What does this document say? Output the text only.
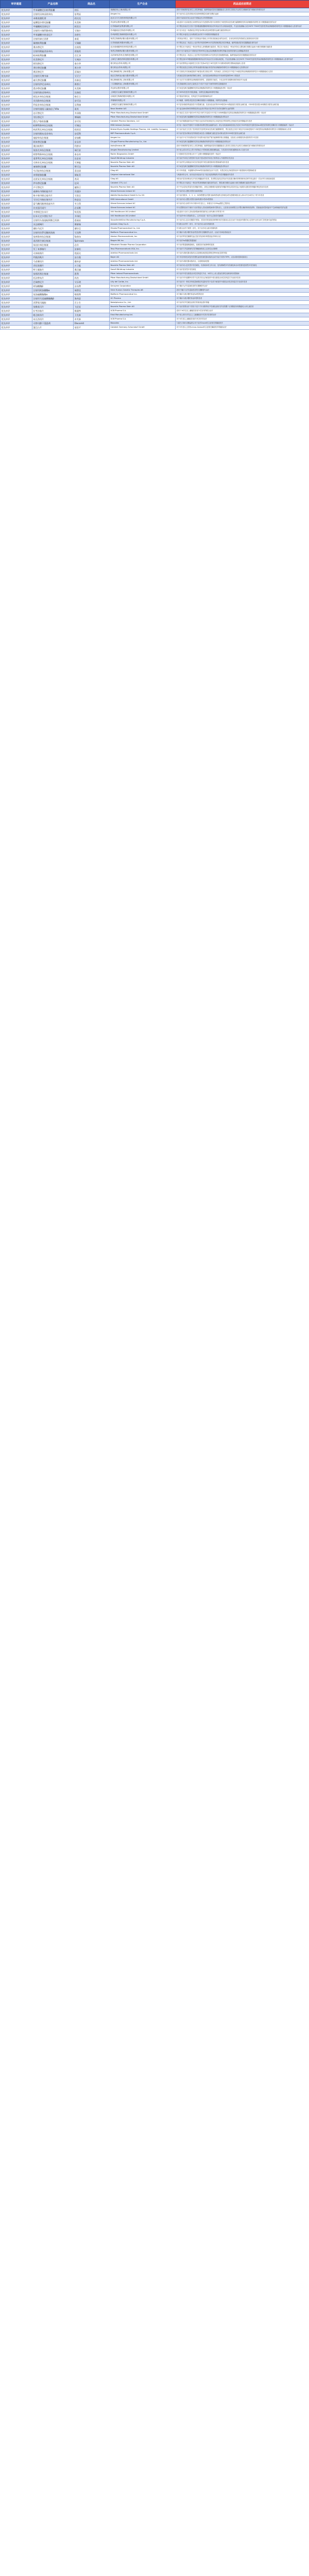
审评通道	产品名称	商品名	生产企业	药品适应症简述
优先审评	甲苯磺酸尼拉帕利胶囊	则乐	再鼎医药(上海)有限公司	适用于铂敏感的复发性上皮性卵巢癌、输卵管癌或原发性腹膜癌成人患者在含铂化疗达到完全缓解或部分缓解后的维持治疗
优先审评	注射用贝林妥欧单抗	倍利妥	Amgen Inc.	用于治疗成人复发或难治性前体B细胞急性淋巴细胞白血病
优先审评	本维莫德乳膏	欣比克	北京文丰天济医药科技有限公司	适用于局部治疗成人轻至中度稳定性寻常型银屑病
优先审评	盐酸恩沙替尼胶囊	贝美纳	贝达药业股份有限公司	本品适用于此前接受过克唑替尼治疗后进展的或者对克唑替尼不耐受的间变性淋巴瘤激酶阳性的局部晚期或转移性非小细胞肺癌患者的治疗
优先审评	甲磺酸阿美替尼片	阿美乐	江苏豪森药业集团有限公司	用于既往经表皮生长因子受体酪氨酸激酶抑制剂治疗时或治疗后出现疾病进展，并且经检测确认存在EGFR T790M突变阳性的局部晚期或转移性非小细胞肺癌成人患者的治疗
优先审评	注射用卡瑞利珠单抗	艾瑞卡	苏州盛迪亚生物医药有限公司	用于至少经过二线系统化疗的复发或难治性经典型霍奇金淋巴瘤患者的治疗
优先审评	甲苯磺酸多纳非尼片	泽普生	苏州泽璟生物制药股份有限公司	用于既往未接受过全身系统性治疗的不可切除肝细胞癌患者
优先审评	注射用泰它西普	泰爱	荣昌生物制药(烟台)股份有限公司	与常规治疗联合，适用于在常规治疗基础上仍具有高疾病活动的活动性、自身抗体阳性的系统性红斑狼疮成年患者
优先审评	氟唑帕利胶囊	艾瑞颐	江苏恒瑞医药股份有限公司	用于既往经过二线及以上化疗的伴有胚系BRCA突变的铂敏感复发性卵巢癌、输卵管癌或原发性腹膜癌患者的治疗
优先审评	奥布替尼片	宜诺凯	北京诺诚健华医药科技有限公司	用于既往至少接受过一种治疗的成人套细胞淋巴瘤患者，既往至少接受过一种治疗的成人慢性淋巴细胞白血病/小淋巴细胞淋巴瘤患者
优先审评	注射用维迪西妥单抗	爱地希	荣昌生物制药(烟台)股份有限公司	适用于至少接受过2个系统化疗的HER2过表达局部晚期或转移性胃癌(包括胃食管结合部腺癌)的患者
优先审评	帕米帕利胶囊	百汇泽	百济神州(苏州)生物科技有限公司	用于既往经过二线及以上化疗的伴有胚系BRCA突变的复发性晚期卵巢癌、输卵管癌或原发性腹膜癌患者的治疗
优先审评	伏美替尼片	艾弗沙	上海艾力斯医药科技股份有限公司	用于既往经EGFR酪氨酸激酶抑制剂治疗时或治疗后出现疾病进展，并且经检测确认存在EGFR T790M突变阳性的局部晚期或转移性非小细胞肺癌成人患者的治疗
优先审评	阿伐替尼片	泰吉华	基石药业(苏州)有限公司	用于治疗携带血小板源性生长因子受体α外显子18突变的不可切除或转移性胃肠间质瘤成人患者
优先审评	普拉替尼胶囊	普吉华	基石药业(苏州)有限公司	用于既往接受过含铂化疗的转染重排基因融合阳性的局部晚期或转移性非小细胞肺癌成人患者的治疗
优先审评	赛沃替尼片	沃瑞沙	和记黄埔医药(上海)有限公司	用于含铂化疗后疾病进展或不耐受标准含铂化疗的、具有间质-上皮转化因子外显子14跳变的局部晚期或转移性非小细胞肺癌成人患者
优先审评	注射用艾博韦泰	艾可宁	前沿生物药业(南京)股份有限公司	与其他抗逆转录病毒药物联合使用，治疗经抗病毒药物治疗仍有病毒复制的HIV-1感染者
优先审评	索凡替尼胶囊	苏泰达	和记黄埔医药(上海)有限公司	用于无法手术切除的局部晚期或转移性、进展期非功能性、分化良好的非胰腺来源的神经内分泌瘤
优先审评	注射用伊尼妥单抗	赛普汀	三生国健药业(上海)股份有限公司	与长春瑞滨联合治疗已接受过1个或多个化疗方案的转移性乳腺癌患者
优先审评	恩沙替尼胶囊	贝美纳	贝达药业股份有限公司	用于间变性淋巴瘤激酶阳性的局部晚期或转移性非小细胞肺癌患者的一线治疗
优先审评	注射用曲妥珠单抗	汉曲优	上海复宏汉霖生物制药有限公司	用于HER2阳性的早期乳腺癌、转移性乳腺癌和转移性胃癌
优先审评	阿达木单抗注射液	格乐立	百奥泰生物制药股份有限公司	用于强直性脊柱炎、类风湿关节炎和银屑病的治疗
优先审评	贝伐珠单抗注射液	安可达	齐鲁制药有限公司	用于晚期、转移性或复发性非鳞状细胞非小细胞肺癌，转移性结直肠癌
优先审评	利妥昔单抗注射液	汉利康	上海复宏汉霖生物制药有限公司	用于复发或耐药的滤泡性中央型淋巴瘤、先前未经治疗的CD20阳性III-IV期滤泡性非霍奇金淋巴瘤、CD20阳性弥漫大B细胞性非霍奇金淋巴瘤
优先审评	注射用重组人凝血因子VIIa	诺其	Novo Nordisk A/S	用于血友病A或B伴抑制物患者出血发作的治疗及外科手术或有创操作出血的预防
优先审评	达可替尼片	多泽润	Pfizer Manufacturing Deutschland GmbH	用于表皮生长因子受体19号外显子缺失突变或21号外显子L858R置换突变的局部晚期或转移性非小细胞肺癌患者的一线治疗
优先审评	劳拉替尼片	博瑞纳	Pfizer Manufacturing Deutschland GmbH	用于间变性淋巴瘤激酶阳性的局部晚期或转移性非小细胞肺癌患者的治疗
优先审评	恩扎卢胺软胶囊	安可坦	Catalent Pharma Solutions, LLC	用于治疗雄激素剥夺治疗失败后无症状或有轻微症状且未接受化疗的转移性去势抵抗性前列腺癌成年患者
优先审评	帕博利珠单抗注射液	可瑞达	MSD Ireland (Carlow)	用于经一线治疗失败的不可切除或转移性黑色素瘤的治疗；联合培美曲塞和铂类化疗适用于EGFR基因突变阴性和ALK阴性的转移性非鳞状非小细胞肺癌的一线治疗
优先审评	纳武利尤单抗注射液	欧狄沃	Bristol-Myers Squibb Holdings Pharma, Ltd. Liability Company	用于治疗表皮生长因子受体基因突变阴性和间变性淋巴瘤激酶阴性、既往接受过含铂方案化疗后疾病进展或不可耐受的局部晚期或转移性非小细胞肺癌成人患者
优先审评	注射用维布妥昔单抗	安适利	BSP Pharmaceuticals S.p.A.	用于治疗复发或难治性的系统性间变性大细胞淋巴瘤及复发或难治性的CD30阳性霍奇金淋巴瘤
优先审评	地舒单抗注射液	安加维	Amgen Inc.	用于治疗不可手术切除或者手术切除可能导致严重功能障碍的骨巨细胞瘤，包括成人和骨骼发育成熟的青少年患者
优先审评	阿来替尼胶囊	安圣莎	Chugai Pharma Manufacturing Co., Ltd.	用于间变性淋巴瘤激酶阳性的局部晚期或转移性的非小细胞肺癌患者的治疗
优先审评	奥拉帕利片	利普卓	AstraZeneca AB	适用于铂敏感的复发性上皮性卵巢癌、输卵管癌或原发性腹膜癌成人患者在含铂化疗达到完全缓解或部分缓解后的维持治疗
优先审评	依洛尤单抗注射液	瑞百安	Amgen Manufacturing Limited	用于成人或12岁以上青少年的纯合子型家族性高胆固醇血症，与饮食疗法和其他降低LDL-C治疗合用
优先审评	阿替利珠单抗注射液	泰圣奇	Roche Diagnostics GmbH	与卡铂和依托泊苷联合用于广泛期小细胞肺癌患者的一线治疗
优先审评	度普利尤单抗注射液	达必妥	Sanofi Winthrop Industrie	用于治疗外用处方药控制不佳或不建议使用外用处方药的成人中重度特应性皮炎
优先审评	司库奇尤单抗注射液	可善挺	Novartis Pharma Stein AG	用于治疗符合系统治疗或光疗指征的中度至重度斑块状银屑病的成年患者
优先审评	塞瑞替尼胶囊	赞可达	Novartis Pharma Stein AG	用于间变性淋巴瘤激酶阳性的局部晚期或转移性非小细胞肺癌患者的治疗
优先审评	乌司奴单抗注射液	喜达诺	Cilag AG	用于对环孢素、甲氨蝶呤或PUVA等其他系统性治疗不应答、有禁忌或无法耐受的成年中重度斑块状银屑病患者
优先审评	来那度胺胶囊	瑞复美	Celgene International Sàrl	与地塞米松合用，治疗此前未经治疗且不适合接受移植的多发性骨髓瘤成年患者
优先审评	达雷妥尤单抗注射液	兆珂	Cilag AG	单药治疗复发和难治性多发性骨髓瘤成年患者，患者既往接受过的治疗包括蛋白酶体抑制剂和免疫调节剂且最后一次治疗时出现疾病进展
优先审评	伊布替尼胶囊	亿珂	Catalent CTS, LLC	用于既往至少接受过一种治疗的套细胞淋巴瘤患者的治疗，慢性淋巴细胞白血病/小淋巴细胞淋巴瘤患者的治疗
优先审评	芦可替尼片	捷恪卫	Novartis Pharma Stein AG	用于中危或高危的原发性骨髓纤维化、真性红细胞增多症继发的骨髓纤维化或原发性血小板增多症继发的骨髓纤维化的成年患者
优先审评	索磷布韦维帕他韦片	丙通沙	Gilead Sciences Ireland UC	用于治疗成人慢性丙型肝炎病毒感染
优先审评	格卡瑞韦哌仑他韦片	艾诺全	AbbVie Deutschland GmbH & Co. KG	用于治疗基因1、2、3、4、5或6型慢性丙型肝炎病毒感染的无肝硬化或代偿期肝硬化成人和12岁至18岁以下青少年患者
优先审评	艾尔巴韦格拉瑞韦片	择必达	MSD International GmbH	用于治疗成人慢性丙型肝炎病毒基因1型或4型感染
优先审评	富马酸丙酚替诺福韦片	韦立得	Gilead Sciences Ireland UC	用于治疗成人和青少年(年龄12岁及以上，体重至少为35kg)慢性乙型肝炎
优先审评	比克恩丙诺片	必妥维	Gilead Sciences Ireland UC	作为完整的治疗方案用于治疗感染人类免疫缺陷病毒1型的成人，且患者目前和既往无对整合酶抑制剂类药物、恩曲他滨或替诺福韦产生病毒耐药性的证据
优先审评	多替阿巴拉米片	绥美凯	ViiV Healthcare UK Limited	本品适用于治疗人类免疫缺陷病毒感染的成人和年满12岁的青少年
优先审评	拉米夫定多替拉韦片	多伟托	ViiV Healthcare UK Limited	用于治疗HIV-1感染的成人，且对本品任一组分无已知或可疑耐药
优先审评	注射用头孢他啶阿维巴坦钠	思福妥	GlaxoSmithKline Manufacturing S.p.A.	用于治疗成人复杂性腹腔内感染、医院获得性肺炎和呼吸机相关性肺炎以及在治疗方案选择有限的成人患者中治疗由革兰阴性菌引起的感染
优先审评	贝达喹啉片	斯耐瑞	Janssen-Cilag S.p.A.	作为联合治疗的一部分，用于治疗成人耐多药肺结核
优先审评	德拉马尼片	德尔巴	Otsuka Pharmaceutical Co., Ltd.	作为联合治疗方案的一部分，用于治疗成人耐多药肺结核
优先审评	注射用拉罗尼酶浓溶液	艾而赞	BioMarin Pharmaceutical Inc.	用于确诊为黏多糖贮积症I型患者的长期酶替代治疗，以治疗非神经系统症状
优先审评	依库珠单抗注射液	Soliris	Alexion Pharmaceuticals, Inc.	用于治疗阵发性睡眠性血红蛋白尿症和非典型溶血尿毒综合征
优先审评	诺西那生钠注射液	Spinraza	Biogen MA Inc.	用于治疗5q脊髓性肌萎缩症
优先审评	依达拉奉注射液	必存	Mitsubishi Tanabe Pharma Corporation	用于治疗肌萎缩侧索硬化，延缓患者功能障碍的进展
优先审评	氘丁苯那嗪片	安泰坦	Teva Pharmaceuticals USA, Inc.	用于治疗与亨廷顿病有关的舞蹈病和成人迟发性运动障碍
优先审评	司来帕格片	优拓比	Actelion Pharmaceuticals Ltd.	用于治疗动脉性肺动脉高压以延缓疾病进展及降低因PAH而住院的风险
优先审评	利奥西呱片	安吉奥	Bayer AG	用于术后持续性或复发性慢性血栓栓塞性肺动脉高压或不能手术的CTEPH，以及动脉性肺动脉高压
优先审评	马昔腾坦片	傲朴舒	Actelion Pharmaceuticals Ltd.	用于治疗动脉性肺动脉高压，以延缓疾病进展
优先审评	西尼莫德片	万立能	Novartis Pharma Stein AG	用于治疗成人复发型多发性硬化，包括临床孤立综合征、复发缓解型多发性硬化和活动性继发进展型多发性硬化
优先审评	特立氟胺片	奥巴捷	Sanofi Winthrop Industrie	用于治疗复发型多发性硬化
优先审评	依那西普注射液	恩利	Pfizer Ireland Pharmaceuticals	用于治疗中度至重度活动性类风湿关节炎、18岁以上成人强直性脊柱炎和斑块状银屑病
优先审评	托法替布片	尚杰	Pfizer Manufacturing Deutschland GmbH	用于治疗对甲氨蝶呤疗效不足或对其无法耐受的中度至重度活动性类风湿关节炎成年患者
优先审评	巴瑞替尼片	艾乐明	Lilly del Caribe, Inc.	用于治疗对一种或多种改善病情抗风湿药疗效不佳或不耐受的中重度活动性类风湿关节炎成年患者
优先审评	阿加糖酶β	法布赞	Genzyme Corporation	用于确诊为法布雷病患者的长期酶替代治疗
优先审评	注射用阿加糖酶α	瑞普佳	Shire Human Genetic Therapies AB	适用于确诊为法布雷病患者的长期酶替代治疗
优先审评	依洛硫酸酯酶α	唯铭赞	BioMarin Pharmaceutical Inc.	用于确诊为黏多糖贮积症IVA型的患者
优先审评	注射用艾度硫酸酯酶β	海芮思	GC Pharma	用于确诊为黏多糖贮积症II型的患者
优先审评	西罗莫司凝胶	百士生	Nobelpharma Co., Ltd.	用于治疗结节性硬化症相关的面部血管纤维瘤
优先审评	依维莫司片	飞尼妥	Novartis Pharma Stein AG	用于治疗需要治疗干预但不适于手术切除的结节性硬化症相关的室管膜下巨细胞星形细胞瘤成人和儿童患者
优先审评	拉考沙胺片	维派特	UCB Pharma S.A.	适用于16岁及以上癫痫患者部分性发作的联合治疗
优先审评	吡仑帕奈片	卫克泰	Eisai Manufacturing Ltd.	用于成人和12岁及以上儿童癫痫部分性发作患者的治疗
优先审评	布瓦西坦片	卓芙泰	UCB Pharma S.A.	用于4岁及以上癫痫患者部分性发作的治疗
优先审评	司替戊醇干混悬剂	Diacomit	Biocodex	与氯巴占和丙戊酸盐联合用于治疗Dravet综合征相关的癫痫发作
优先审评	氯巴占片	易倍平	Catalent Germany Schorndorf GmbH	用于2岁及以上患者Lennox-Gastaut综合征相关癫痫发作的辅助治疗
